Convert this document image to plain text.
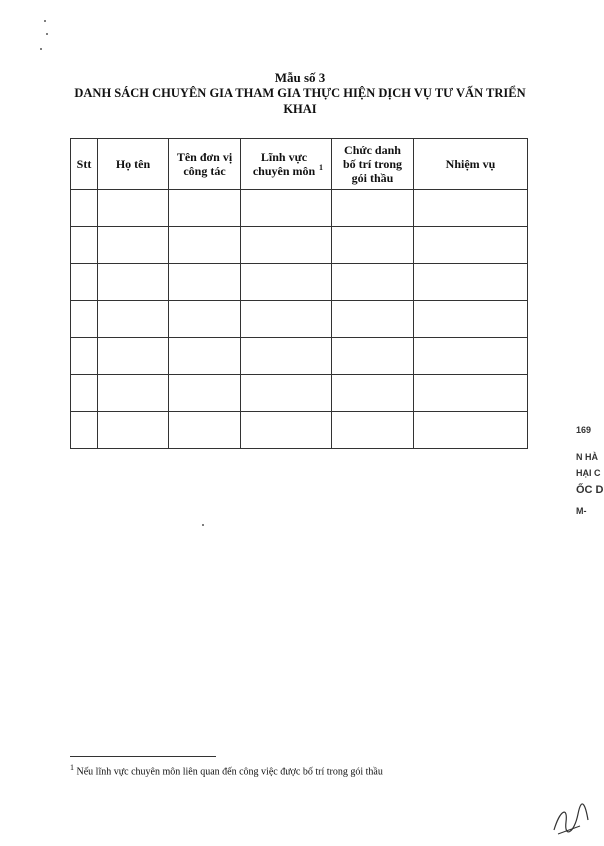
Mẫu số 3
DANH SÁCH CHUYÊN GIA THAM GIA THỰC HIỆN DỊCH VỤ TƯ VẤN TRIỂN KHAI
Stt	Họ tên	Tên đơn vị công tác	Lĩnh vực chuyên môn $^1$	Chức danh bố trí trong gói thầu	Nhiệm vụ

169
N HÀ
HẠI C
ỐC D
M-
$^1$ Nếu lĩnh vực chuyên môn liên quan đến công việc được bố trí trong gói thầu
